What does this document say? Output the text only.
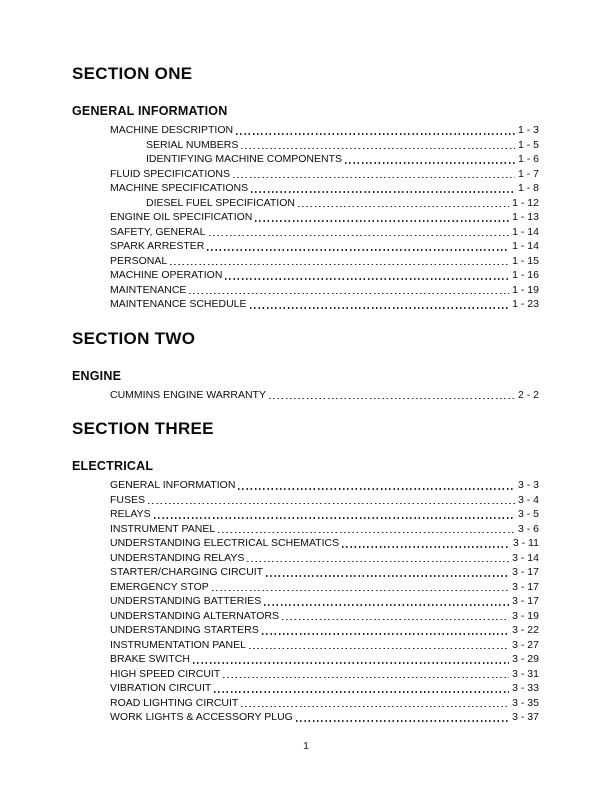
SECTION ONE
GENERAL INFORMATION
MACHINE DESCRIPTION	1 - 3
SERIAL NUMBERS	1 - 5
IDENTIFYING MACHINE COMPONENTS	1 - 6
FLUID SPECIFICATIONS	1 - 7
MACHINE SPECIFICATIONS	1 - 8
DIESEL FUEL SPECIFICATION	1 - 12
ENGINE OIL SPECIFICATION	1 - 13
SAFETY, GENERAL	1 - 14
SPARK ARRESTER	1 - 14
PERSONAL	1 - 15
MACHINE OPERATION	1 - 16
MAINTENANCE	1 - 19
MAINTENANCE SCHEDULE	1 - 23
SECTION TWO
ENGINE
CUMMINS ENGINE WARRANTY	2 - 2
SECTION THREE
ELECTRICAL
GENERAL INFORMATION	3 - 3
FUSES	3 - 4
RELAYS	3 - 5
INSTRUMENT PANEL	3 - 6
UNDERSTANDING ELECTRICAL SCHEMATICS	3 - 11
UNDERSTANDING RELAYS	3 - 14
STARTER/CHARGING CIRCUIT	3 - 17
EMERGENCY STOP	3 - 17
UNDERSTANDING BATTERIES	3 - 17
UNDERSTANDING ALTERNATORS	3 - 19
UNDERSTANDING STARTERS	3 - 22
INSTRUMENTATION PANEL	3 - 27
BRAKE SWITCH	3 - 29
HIGH SPEED CIRCUIT	3 - 31
VIBRATION CIRCUIT	3 - 33
ROAD LIGHTING CIRCUIT	3 - 35
WORK LIGHTS & ACCESSORY PLUG	3 - 37
1
